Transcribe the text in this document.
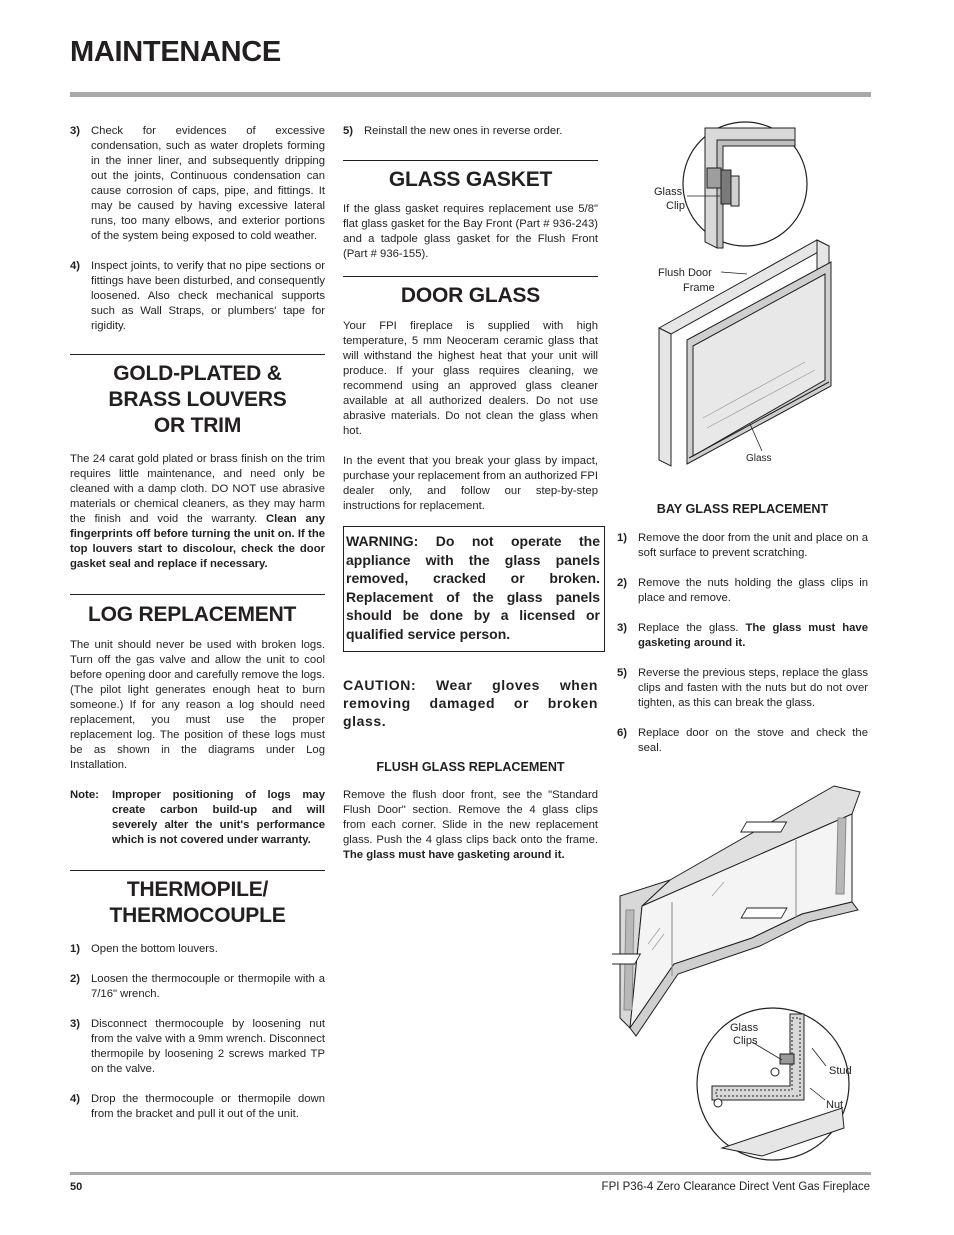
MAINTENANCE
3) Check for evidences of excessive condensation, such as water droplets forming in the inner liner, and subsequently dripping out the joints, Continuous condensation can cause corrosion of caps, pipe, and fittings. It may be caused by having excessive lateral runs, too many elbows, and exterior portions of the system being exposed to cold weather.
4) Inspect joints, to verify that no pipe sections or fittings have been disturbed, and consequently loosened. Also check mechanical supports such as Wall Straps, or plumbers' tape for rigidity.
GOLD-PLATED &
BRASS LOUVERS
OR TRIM

The 24 carat gold plated or brass finish on the trim requires little maintenance, and need only be cleaned with a damp cloth. DO NOT use abrasive materials or chemical cleaners, as they may harm the finish and void the warranty. Clean any fingerprints off before turning the unit on. If the top louvers start to discolour, check the door gasket seal and replace if necessary.

LOG REPLACEMENT

The unit should never be used with broken logs. Turn off the gas valve and allow the unit to cool before opening door and carefully remove the logs. (The pilot light generates enough heat to burn someone.) If for any reason a log should need replacement, you must use the proper replacement log. The position of these logs must be as shown in the diagrams under Log Installation.

Note:	Improper positioning of logs may create carbon build-up and will severely alter the unit's performance which is not covered under warranty.
THERMOPILE/
THERMOCOUPLE
1) Open the bottom louvers.
2) Loosen the thermocouple or thermopile with a 7/16" wrench.
3) Disconnect thermocouple by loosening nut from the valve with a 9mm wrench. Disconnect thermopile by loosening 2 screws marked TP on the valve.
4) Drop the thermocouple or thermopile down from the bracket and pull it out of the unit.
5) Reinstall the new ones in reverse order.
GLASS GASKET

If the glass gasket requires replacement use 5/8" flat glass gasket for the Bay Front (Part # 936-243) and a tadpole glass gasket for the Flush Front (Part # 936-155).

DOOR GLASS

Your FPI fireplace is supplied with high temperature, 5 mm Neoceram ceramic glass that will withstand the highest heat that your unit will produce. If your glass requires cleaning, we recommend using an approved glass cleaner available at all authorized dealers. Do not use abrasive materials. Do not clean the glass when hot.

In the event that you break your glass by impact, purchase your replacement from an authorized FPI dealer only, and follow our step-by-step instructions for replacement.

WARNING: Do not operate the appliance with the glass panels removed, cracked or broken. Replacement of the glass panels should be done by a licensed or qualified service person.
CAUTION: Wear gloves when removing damaged or broken glass.
FLUSH GLASS REPLACEMENT

Remove the flush door front, see the "Standard Flush Door" section. Remove the 4 glass clips from each corner. Slide in the new replacement glass. Push the 4 glass clips back onto the frame. The glass must have gasketing around it.

Glass
Clip
Flush Door
Frame
Glass
BAY GLASS REPLACEMENT
1) Remove the door from the unit and place on a soft surface to prevent scratching.
2) Remove the nuts holding the glass clips in place and remove.
3) Replace the glass. The glass must have gasketing around it.
5) Reverse the previous steps, replace the glass clips and fasten with the nuts but do not over tighten, as this can break the glass.
6) Replace door on the stove and check the seal.
Glass
Clips
Stud
Nut
50	FPI P36-4 Zero Clearance Direct Vent Gas Fireplace
